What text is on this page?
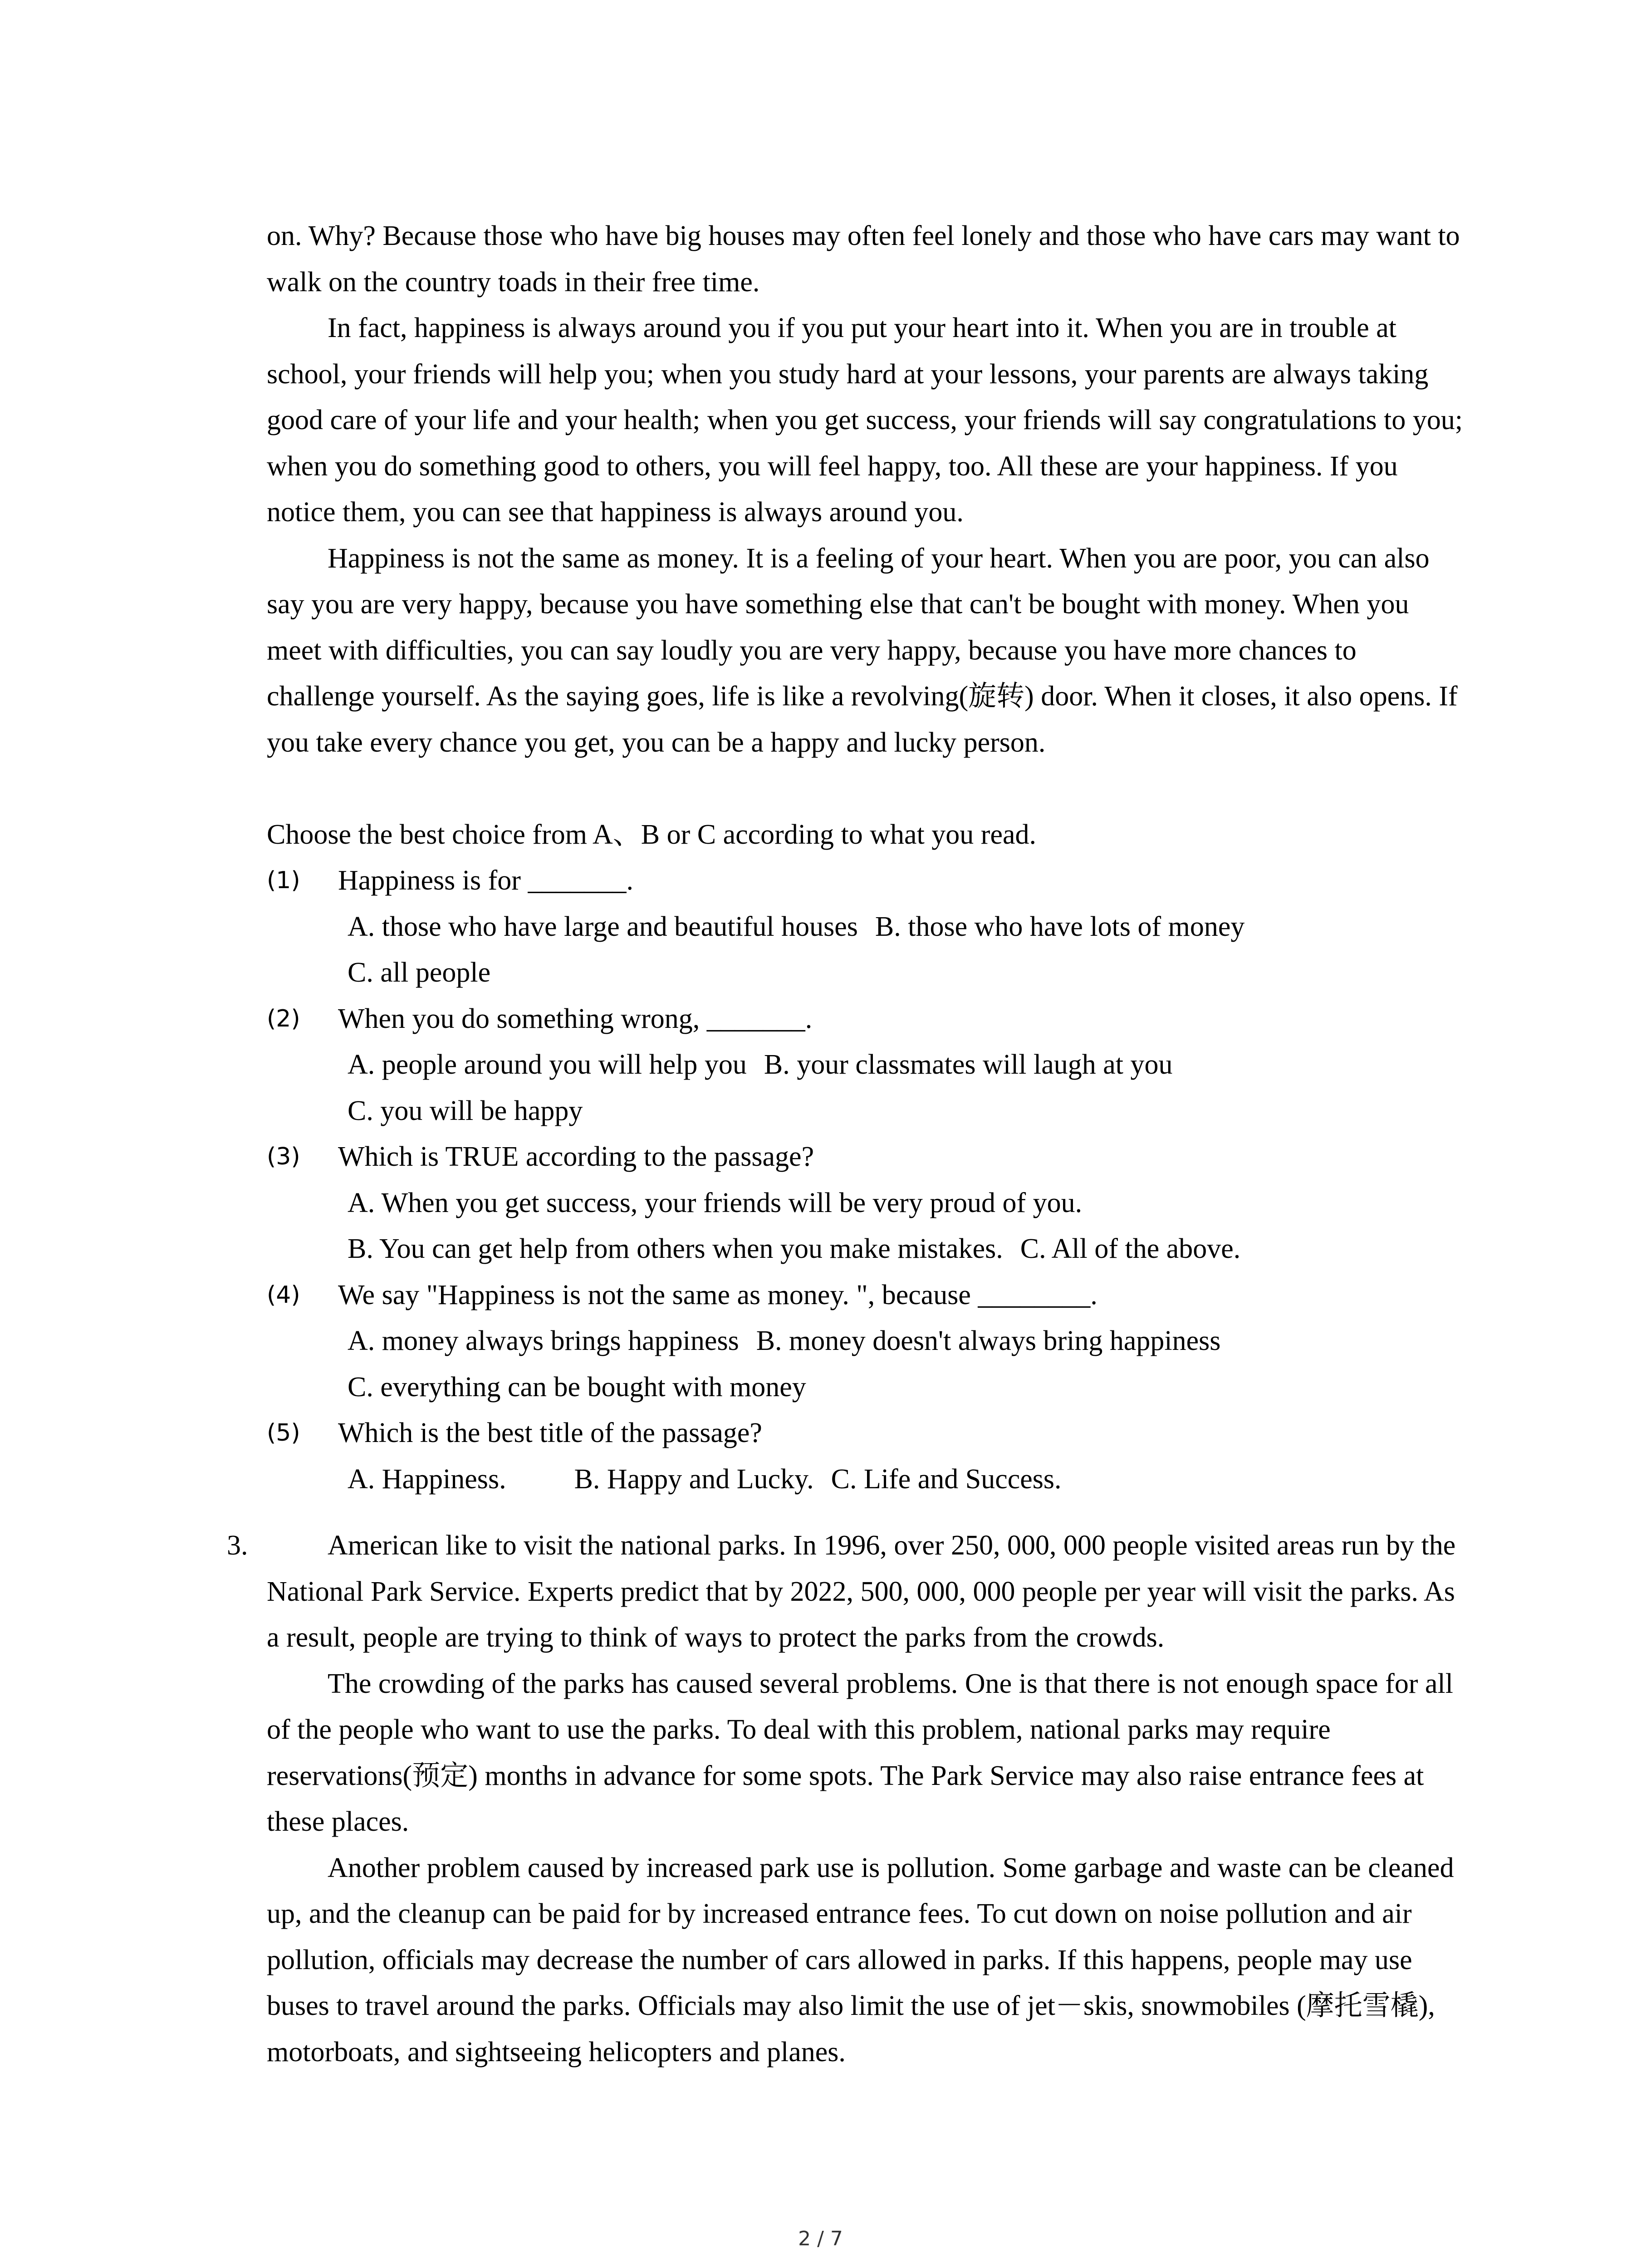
on. Why? Because those who have big houses may often feel lonely and those who have cars may want to walk on the country toads in their free time.

In fact, happiness is always around you if you put your heart into it. When you are in trouble at school, your friends will help you; when you study hard at your lessons, your parents are always taking good care of your life and your health; when you get success, your friends will say congratulations to you; when you do something good to others, you will feel happy, too. All these are your happiness. If you notice them, you can see that happiness is always around you.

Happiness is not the same as money. It is a feeling of your heart. When you are poor, you can also say you are very happy, because you have something else that can't be bought with money. When you meet with difficulties, you can say loudly you are very happy, because you have more chances to challenge yourself. As the saying goes, life is like a revolving(旋转) door. When it closes, it also opens. If you take every chance you get, you can be a happy and lucky person.

Choose the best choice from A、B or C according to what you read.

(1) Happiness is for _______.
A. those who have large and beautiful houses B. those who have lots of money
C. all people
(2) When you do something wrong, _______.
A. people around you will help you B. your classmates will laugh at you
C. you will be happy
(3) Which is TRUE according to the passage?
A. When you get success, your friends will be very proud of you.
B. You can get help from others when you make mistakes. C. All of the above.
(4) We say "Happiness is not the same as money. ", because ________.
A. money always brings happiness B. money doesn't always bring happiness
C. everything can be bought with money
(5) Which is the best title of the passage?
A. Happiness. B. Happy and Lucky. C. Life and Success.
3.	American like to visit the national parks. In 1996, over 250, 000, 000 people visited areas run by the National Park Service. Experts predict that by 2022, 500, 000, 000 people per year will visit the parks. As a result, people are trying to think of ways to protect the parks from the crowds.

The crowding of the parks has caused several problems. One is that there is not enough space for all of the people who want to use the parks. To deal with this problem, national parks may require reservations(预定) months in advance for some spots. The Park Service may also raise entrance fees at these places.

Another problem caused by increased park use is pollution. Some garbage and waste can be cleaned up, and the cleanup can be paid for by increased entrance fees. To cut down on noise pollution and air pollution, officials may decrease the number of cars allowed in parks. If this happens, people may use buses to travel around the parks. Officials may also limit the use of jet－skis, snowmobiles (摩托雪橇), motorboats, and sightseeing helicopters and planes.

2 / 7
